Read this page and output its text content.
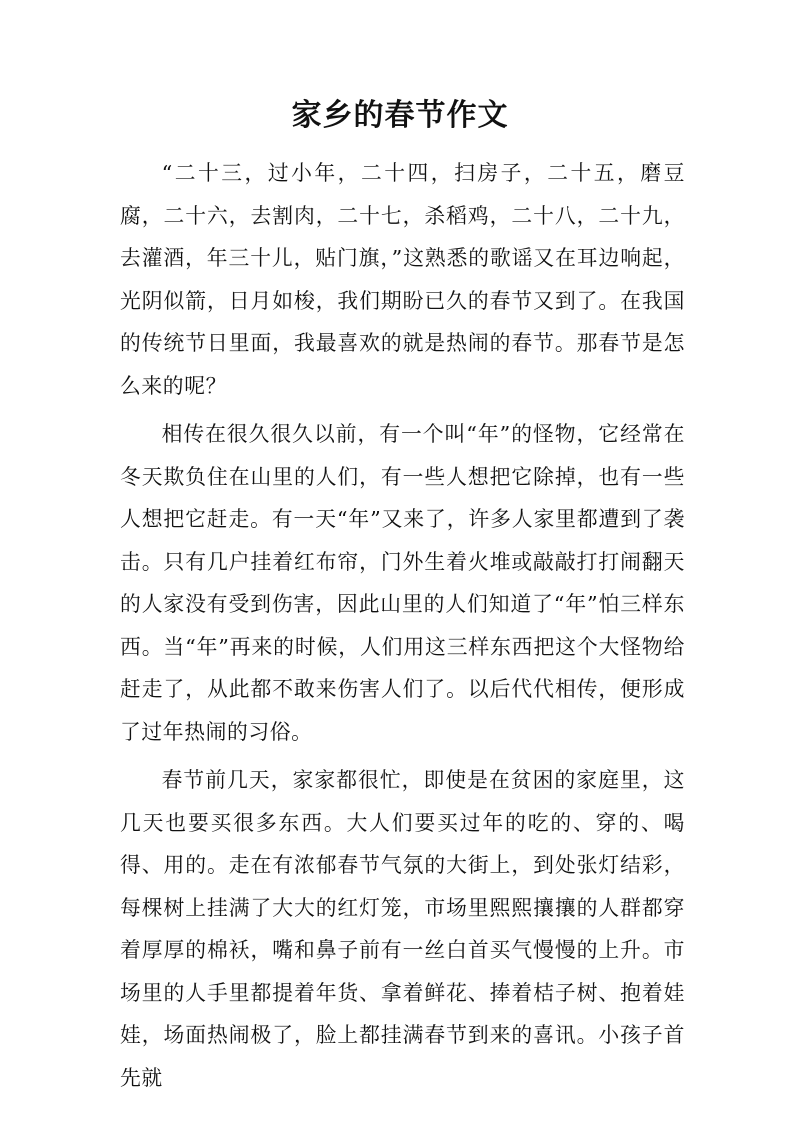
家乡的春节作文

“二十三，过小年，二十四，扫房子，二十五，磨豆腐，二十六，去割肉，二十七，杀稻鸡，二十八，二十九，去灌酒，年三十儿，贴门旗，”这熟悉的歌谣又在耳边响起，光阴似箭，日月如梭，我们期盼已久的春节又到了。在我国的传统节日里面，我最喜欢的就是热闹的春节。那春节是怎么来的呢？

相传在很久很久以前，有一个叫“年”的怪物，它经常在冬天欺负住在山里的人们，有一些人想把它除掉，也有一些人想把它赶走。有一天“年”又来了，许多人家里都遭到了袭击。只有几户挂着红布帘，门外生着火堆或敲敲打打闹翻天的人家没有受到伤害，因此山里的人们知道了“年”怕三样东西。当“年”再来的时候，人们用这三样东西把这个大怪物给赶走了，从此都不敢来伤害人们了。以后代代相传，便形成了过年热闹的习俗。

春节前几天，家家都很忙，即使是在贫困的家庭里，这几天也要买很多东西。大人们要买过年的吃的、穿的、喝得、用的。走在有浓郁春节气氛的大街上，到处张灯结彩，每棵树上挂满了大大的红灯笼，市场里熙熙攘攘的人群都穿着厚厚的棉袄，嘴和鼻子前有一丝白首买气慢慢的上升。市场里的人手里都提着年货、拿着鲜花、捧着桔子树、抱着娃娃，场面热闹极了，脸上都挂满春节到来的喜讯。小孩子首先就
